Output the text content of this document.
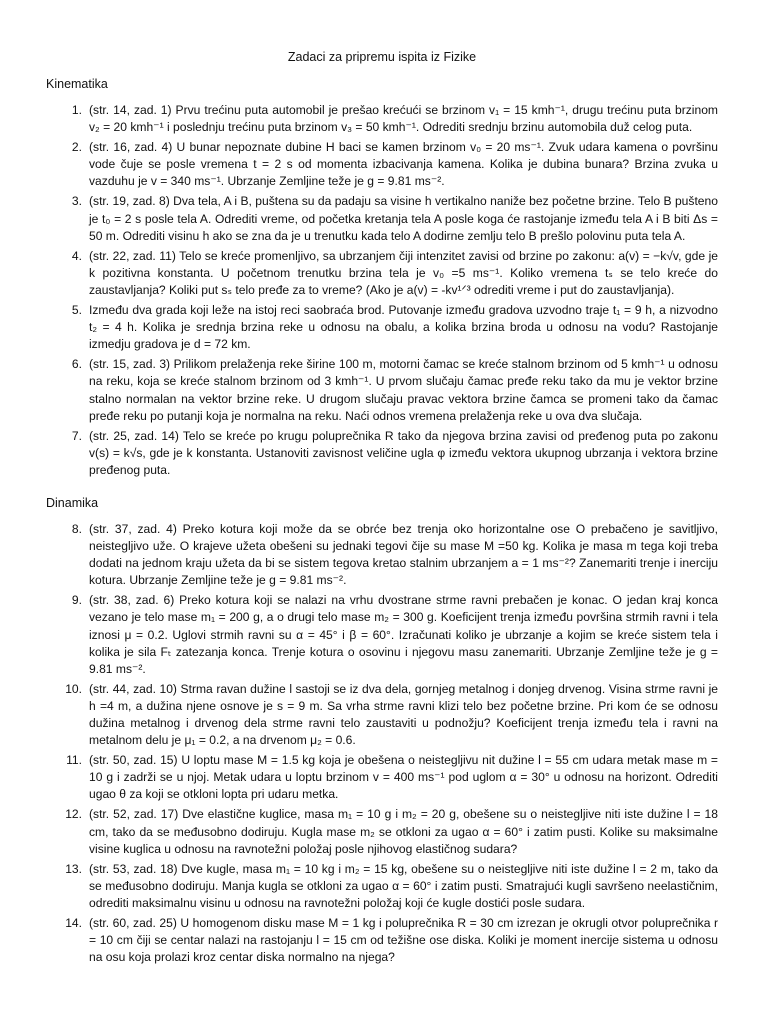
Zadaci za pripremu ispita iz Fizike
Kinematika
1. (str. 14, zad. 1) Prvu trećinu puta automobil je prešao krećući se brzinom v₁ = 15 kmh⁻¹, drugu trećinu puta brzinom v₂ = 20 kmh⁻¹ i poslednju trećinu puta brzinom v₃ = 50 kmh⁻¹. Odrediti srednju brzinu automobila duž celog puta.
2. (str. 16, zad. 4) U bunar nepoznate dubine H baci se kamen brzinom v₀ = 20 ms⁻¹. Zvuk udara kamena o površinu vode čuje se posle vremena t = 2 s od momenta izbacivanja kamena. Kolika je dubina bunara? Brzina zvuka u vazduhu je v = 340 ms⁻¹. Ubrzanje Zemljine teže je g = 9.81 ms⁻².
3. (str. 19, zad. 8) Dva tela, A i B, puštena su da padaju sa visine h vertikalno naniže bez početne brzine. Telo B pušteno je t₀ = 2 s posle tela A. Odrediti vreme, od početka kretanja tela A posle koga će rastojanje između tela A i B biti Δs = 50 m. Odrediti visinu h ako se zna da je u trenutku kada telo A dodirne zemlju telo B prešlo polovinu puta tela A.
4. (str. 22, zad. 11) Telo se kreće promenljivo, sa ubrzanjem čiji intenzitet zavisi od brzine po zakonu: a(v) = −k√v, gde je k pozitivna konstanta. U početnom trenutku brzina tela je v₀ =5 ms⁻¹. Koliko vremena tₛ se telo kreće do zaustavljanja? Koliki put sₛ telo pređe za to vreme? (Ako je a(v) = -kv¹ᐟ³ odrediti vreme i put do zaustavljanja).
5. Između dva grada koji leže na istoj reci saobraća brod. Putovanje između gradova uzvodno traje t₁ = 9 h, a nizvodno t₂ = 4 h. Kolika je srednja brzina reke u odnosu na obalu, a kolika brzina broda u odnosu na vodu? Rastojanje izmedju gradova je d = 72 km.
6. (str. 15, zad. 3) Prilikom prelaženja reke širine 100 m, motorni čamac se kreće stalnom brzinom od 5 kmh⁻¹ u odnosu na reku, koja se kreće stalnom brzinom od 3 kmh⁻¹. U prvom slučaju čamac pređe reku tako da mu je vektor brzine stalno normalan na vektor brzine reke. U drugom slučaju pravac vektora brzine čamca se promeni tako da čamac pređe reku po putanji koja je normalna na reku. Naći odnos vremena prelaženja reke u ova dva slučaja.
7. (str. 25, zad. 14) Telo se kreće po krugu poluprečnika R tako da njegova brzina zavisi od pređenog puta po zakonu v(s) = k√s, gde je k konstanta. Ustanoviti zavisnost veličine ugla φ između vektora ukupnog ubrzanja i vektora brzine pređenog puta.
Dinamika
8. (str. 37, zad. 4) Preko kotura koji može da se obrće bez trenja oko horizontalne ose O prebačeno je savitljivo, neistegljivo uže. O krajeve užeta obešeni su jednaki tegovi čije su mase M =50 kg. Kolika je masa m tega koji treba dodati na jednom kraju užeta da bi se sistem tegova kretao stalnim ubrzanjem a = 1 ms⁻²? Zanemariti trenje i inerciju kotura. Ubrzanje Zemljine teže je g = 9.81 ms⁻².
9. (str. 38, zad. 6) Preko kotura koji se nalazi na vrhu dvostrane strme ravni prebačen je konac. O jedan kraj konca vezano je telo mase m₁ = 200 g, a o drugi telo mase m₂ = 300 g. Koeficijent trenja između površina strmih ravni i tela iznosi μ = 0.2. Uglovi strmih ravni su α = 45° i β = 60°. Izračunati koliko je ubrzanje a kojim se kreće sistem tela i kolika je sila Fₜ zatezanja konca. Trenje kotura o osovinu i njegovu masu zanemariti. Ubrzanje Zemljine teže je g = 9.81 ms⁻².
10. (str. 44, zad. 10) Strma ravan dužine l sastoji se iz dva dela, gornjeg metalnog i donjeg drvenog. Visina strme ravni je h =4 m, a dužina njene osnove je s = 9 m. Sa vrha strme ravni klizi telo bez početne brzine. Pri kom će se odnosu dužina metalnog i drvenog dela strme ravni telo zaustaviti u podnožju? Koeficijent trenja između tela i ravni na metalnom delu je μ₁ = 0.2, a na drvenom μ₂ = 0.6.
11. (str. 50, zad. 15) U loptu mase M = 1.5 kg koja je obešena o neistegljivu nit dužine l = 55 cm udara metak mase m = 10 g i zadrži se u njoj. Metak udara u loptu brzinom v = 400 ms⁻¹ pod uglom α = 30° u odnosu na horizont. Odrediti ugao θ za koji se otkloni lopta pri udaru metka.
12. (str. 52, zad. 17) Dve elastične kuglice, masa m₁ = 10 g i m₂ = 20 g, obešene su o neistegljive niti iste dužine l = 18 cm, tako da se međusobno dodiruju. Kugla mase m₂ se otkloni za ugao α = 60° i zatim pusti. Kolike su maksimalne visine kuglica u odnosu na ravnotežni položaj posle njihovog elastičnog sudara?
13. (str. 53, zad. 18) Dve kugle, masa m₁ = 10 kg i m₂ = 15 kg, obešene su o neistegljive niti iste dužine l = 2 m, tako da se međusobno dodiruju. Manja kugla se otkloni za ugao α = 60° i zatim pusti. Smatrajući kugli savršeno neelastičnim, odrediti maksimalnu visinu u odnosu na ravnotežni položaj koji će kugle dostići posle sudara.
14. (str. 60, zad. 25) U homogenom disku mase M = 1 kg i poluprečnika R = 30 cm izrezan je okrugli otvor poluprečnika r = 10 cm čiji se centar nalazi na rastojanju l = 15 cm od težišne ose diska. Koliki je moment inercije sistema u odnosu na osu koja prolazi kroz centar diska normalno na njega?
